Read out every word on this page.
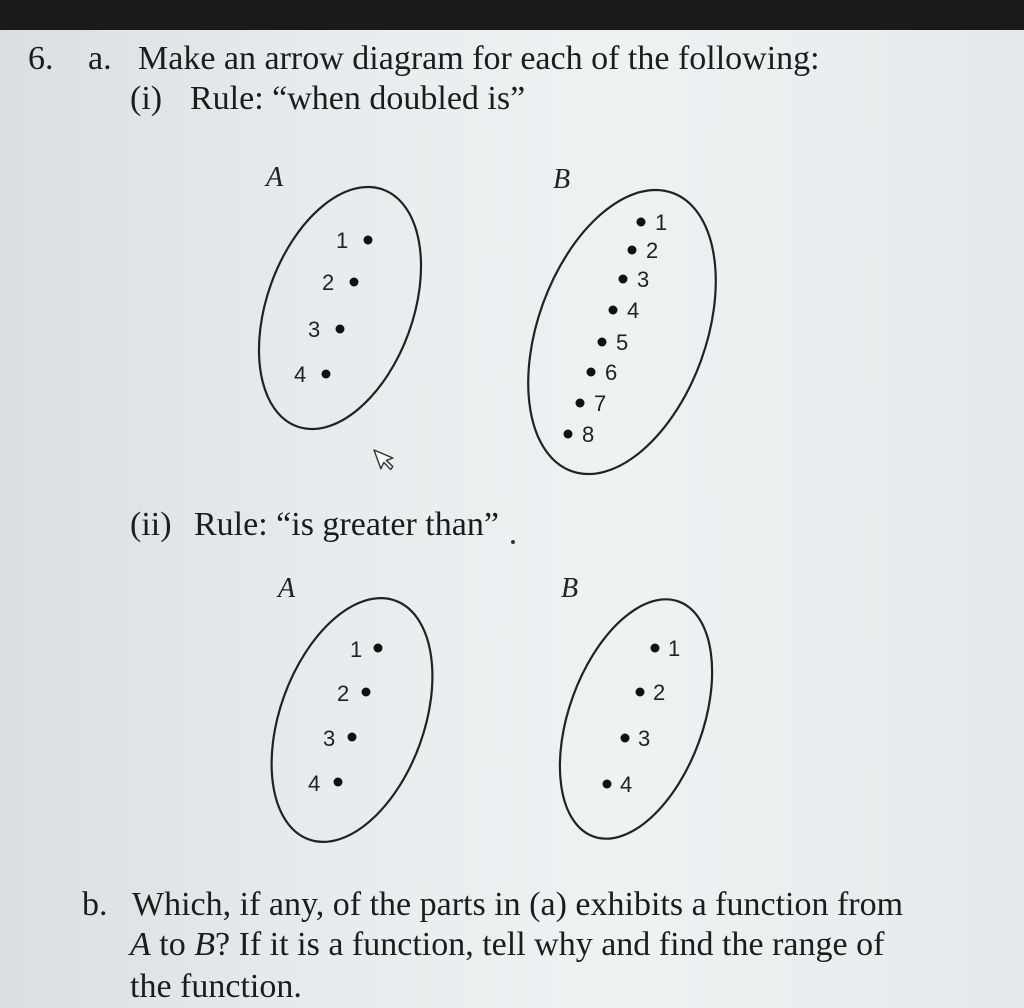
6. a. Make an arrow diagram for each of the following:
(i) Rule: “when doubled is”
(ii) Rule: “is greater than”
b. Which, if any, of the parts in (a) exhibits a function from
A to B? If it is a function, tell why and find the range of
the function.
A	B
1
2
3
4
1
2
3
4
5
6
7
8
A	B
1
2
3
4
1
2
3
4
